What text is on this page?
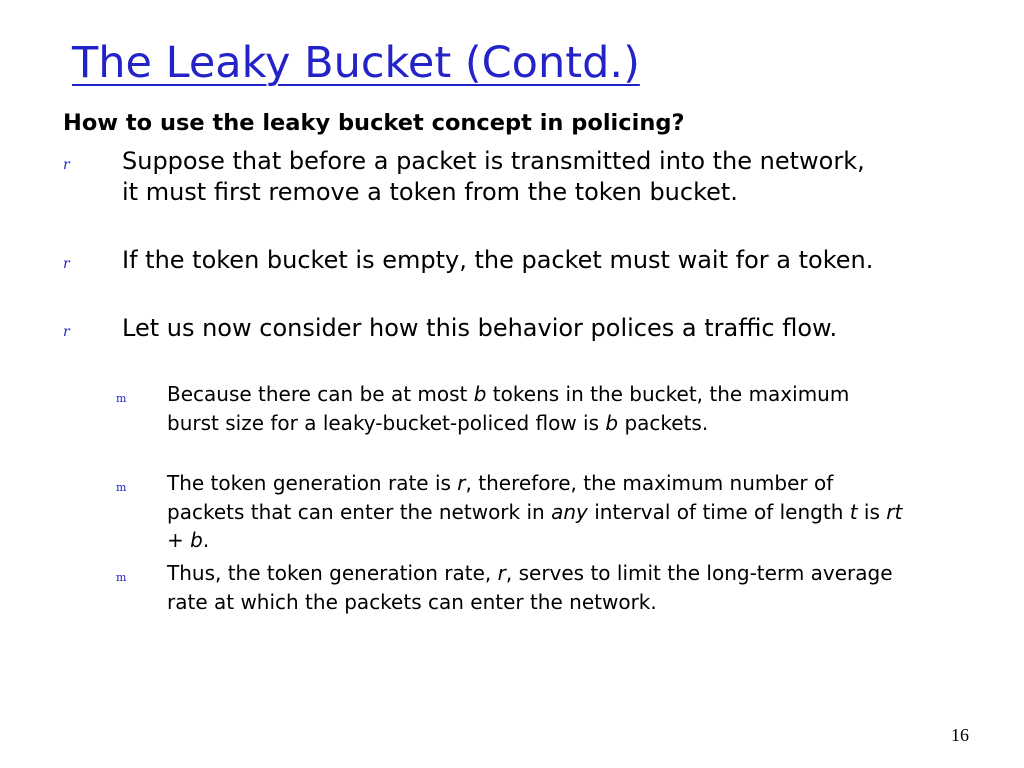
The Leaky Bucket (Contd.)
How to use the leaky bucket concept in policing?
r Suppose that before a packet is transmitted into the network, it must first remove a token from the token bucket.
r If the token bucket is empty, the packet must wait for a token.
r Let us now consider how this behavior polices a traffic flow.
m Because there can be at most b tokens in the bucket, the maximum burst size for a leaky-bucket-policed flow is b packets.
m The token generation rate is r, therefore, the maximum number of packets that can enter the network in any interval of time of length t is rt + b.
m Thus, the token generation rate, r, serves to limit the long-term average rate at which the packets can enter the network.
16
